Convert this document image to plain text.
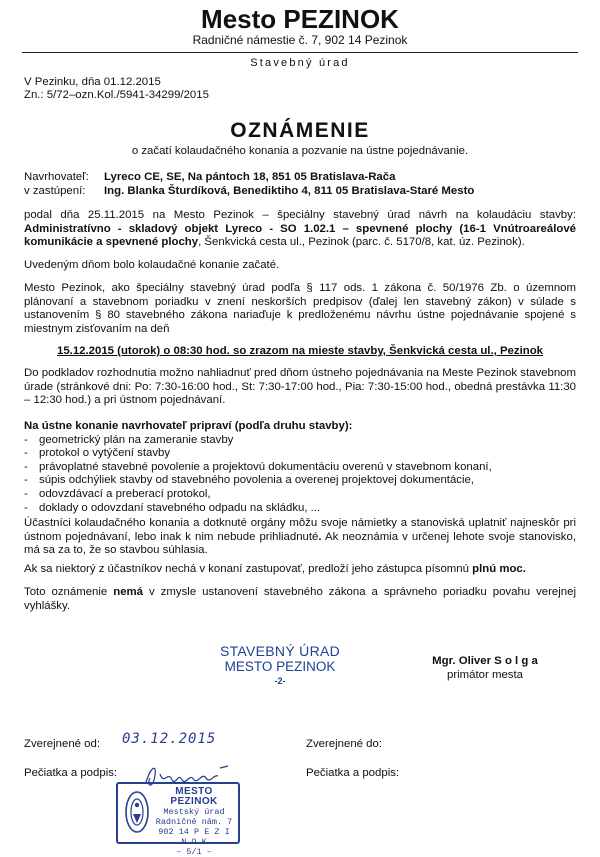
Mesto PEZINOK
Radničné námestie č. 7, 902 14 Pezinok
Stavebný úrad
V Pezinku, dňa 01.12.2015
Zn.: 5/72–ozn.Kol./5941-34299/2015
OZNÁMENIE
o začatí kolaudačného konania a pozvanie na ústne pojednávanie.
Navrhovateľ:	Lyreco CE, SE, Na pántoch 18, 851 05 Bratislava-Rača
v zastúpení:	Ing. Blanka Šturdíková, Benediktiho 4, 811 05 Bratislava-Staré Mesto
podal dňa 25.11.2015 na Mesto Pezinok – špeciálny stavebný úrad návrh na kolaudáciu stavby: Administratívno - skladový objekt Lyreco - SO 1.02.1 – spevnené plochy (16-1 Vnútroareálové komunikácie a spevnené plochy, Šenkvická cesta ul., Pezinok (parc. č. 5170/8, kat. úz. Pezinok).
Uvedeným dňom bolo kolaudačné konanie začaté.
Mesto Pezinok, ako špeciálny stavebný úrad podľa § 117 ods. 1 zákona č. 50/1976 Zb. o územnom plánovaní a stavebnom poriadku v znení neskorších predpisov (ďalej len stavebný zákon) v súlade s ustanovením § 80 stavebného zákona nariaďuje k predloženému návrhu ústne pojednávanie spojené s miestnym zisťovaním na deň
15.12.2015 (utorok) o 08:30 hod. so zrazom na mieste stavby, Šenkvická cesta ul., Pezinok
Do podkladov rozhodnutia možno nahliadnuť pred dňom ústneho pojednávania na Meste Pezinok stavebnom úrade (stránkové dni: Po: 7:30-16:00 hod., St: 7:30-17:00 hod., Pia: 7:30-15:00 hod., obedná prestávka 11:30 – 12:30 hod.) a pri ústnom pojednávaní.
Na ústne konanie navrhovateľ pripraví (podľa druhu stavby):
- geometrický plán na zameranie stavby
- protokol o vytýčení stavby
- právoplatné stavebné povolenie a projektovú dokumentáciu overenú v stavebnom konaní,
- súpis odchýliek stavby od stavebného povolenia a overenej projektovej dokumentácie,
- odovzdávací a preberací protokol,
- doklady o odovzdaní stavebného odpadu na skládku, ...
Účastníci kolaudačného konania a dotknuté orgány môžu svoje námietky a stanoviská uplatniť najneskôr pri ústnom pojednávaní, lebo inak k nim nebude prihliadnuté. Ak neoznámia v určenej lehote svoje stanovisko, má sa za to, že so stavbou súhlasia.
Ak sa niektorý z účastníkov nechá v konaní zastupovať, predloží jeho zástupca písomnú plnú moc.
Toto oznámenie nemá v zmysle ustanovení stavebného zákona a správneho poriadku povahu verejnej vyhlášky.
STAVEBNÝ ÚRAD
MESTO PEZINOK
-2-
Mgr. Oliver S o l g a
primátor mesta
Zverejnené od: 03.12.2015	Zverejnené do:
Pečiatka a podpis:	Pečiatka a podpis:
MESTO PEZINOK
Mestský úrad
Radničné nám. 7
902 14 P E Z I N O K
– 5/1 –
